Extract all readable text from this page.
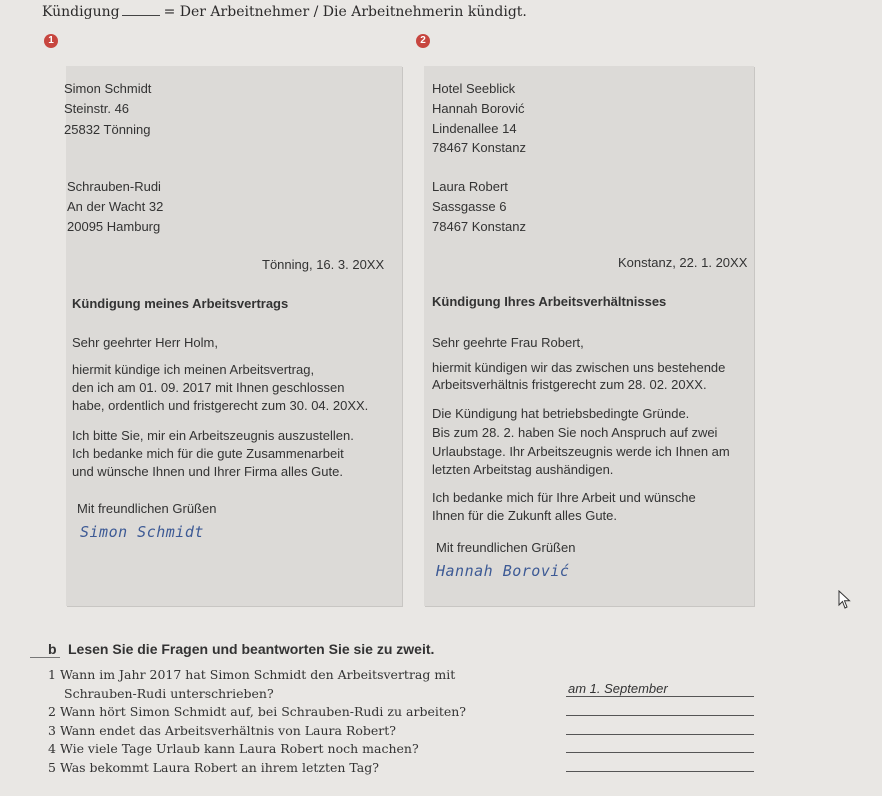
Kündigung	= Der Arbeitnehmer / Die Arbeitnehmerin kündigt.
1	2
Simon Schmidt
Steinstr. 46
25832 Tönning
Schrauben-Rudi
An der Wacht 32
20095 Hamburg
Tönning, 16. 3. 20XX
Kündigung meines Arbeitsvertrags
Sehr geehrter Herr Holm,
hiermit kündige ich meinen Arbeitsvertrag,
den ich am 01. 09. 2017 mit Ihnen geschlossen
habe, ordentlich und fristgerecht zum 30. 04. 20XX.
Ich bitte Sie, mir ein Arbeitszeugnis auszustellen.
Ich bedanke mich für die gute Zusammenarbeit
und wünsche Ihnen und Ihrer Firma alles Gute.
Mit freundlichen Grüßen
Simon Schmidt
Hotel Seeblick
Hannah Borović
Lindenallee 14
78467 Konstanz
Laura Robert
Sassgasse 6
78467 Konstanz
Konstanz, 22. 1. 20XX
Kündigung Ihres Arbeitsverhältnisses
Sehr geehrte Frau Robert,
hiermit kündigen wir das zwischen uns bestehende
Arbeitsverhältnis fristgerecht zum 28. 02. 20XX.
Die Kündigung hat betriebsbedingte Gründe.
Bis zum 28. 2. haben Sie noch Anspruch auf zwei
Urlaubstage. Ihr Arbeitszeugnis werde ich Ihnen am
letzten Arbeitstag aushändigen.
Ich bedanke mich für Ihre Arbeit und wünsche
Ihnen für die Zukunft alles Gute.
Mit freundlichen Grüßen
Hannah Borović
b Lesen Sie die Fragen und beantworten Sie sie zu zweit.
1 Wann im Jahr 2017 hat Simon Schmidt den Arbeitsvertrag mit
Schrauben-Rudi unterschrieben?	am 1. September
2 Wann hört Simon Schmidt auf, bei Schrauben-Rudi zu arbeiten?
3 Wann endet das Arbeitsverhältnis von Laura Robert?
4 Wie viele Tage Urlaub kann Laura Robert noch machen?
5 Was bekommt Laura Robert an ihrem letzten Tag?
